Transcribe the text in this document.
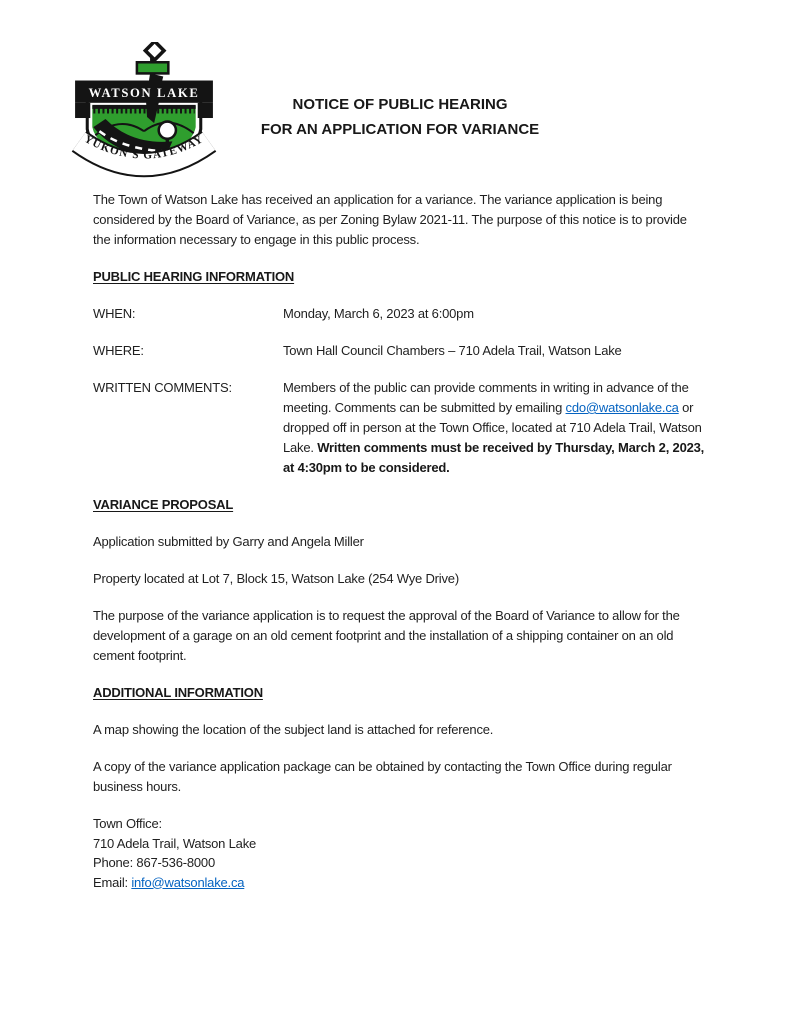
YUKON'S GATEWAY
WATSON LAKE
NOTICE OF PUBLIC HEARING
FOR AN APPLICATION FOR VARIANCE

The Town of Watson Lake has received an application for a variance. The variance application is being considered by the Board of Variance, as per Zoning Bylaw 2021-11. The purpose of this notice is to provide the information necessary to engage in this public process.

PUBLIC HEARING INFORMATION
WHEN:	Monday, March 6, 2023 at 6:00pm
WHERE:	Town Hall Council Chambers – 710 Adela Trail, Watson Lake
WRITTEN COMMENTS:	Members of the public can provide comments in writing in advance of the meeting. Comments can be submitted by emailing cdo@watsonlake.ca or dropped off in person at the Town Office, located at 710 Adela Trail, Watson Lake. Written comments must be received by Thursday, March 2, 2023, at 4:30pm to be considered.
VARIANCE PROPOSAL

Application submitted by Garry and Angela Miller

Property located at Lot 7, Block 15, Watson Lake (254 Wye Drive)

The purpose of the variance application is to request the approval of the Board of Variance to allow for the development of a garage on an old cement footprint and the installation of a shipping container on an old cement footprint.

ADDITIONAL INFORMATION

A map showing the location of the subject land is attached for reference.

A copy of the variance application package can be obtained by contacting the Town Office during regular business hours.

Town Office:
710 Adela Trail, Watson Lake
Phone: 867-536-8000
Email: info@watsonlake.ca
